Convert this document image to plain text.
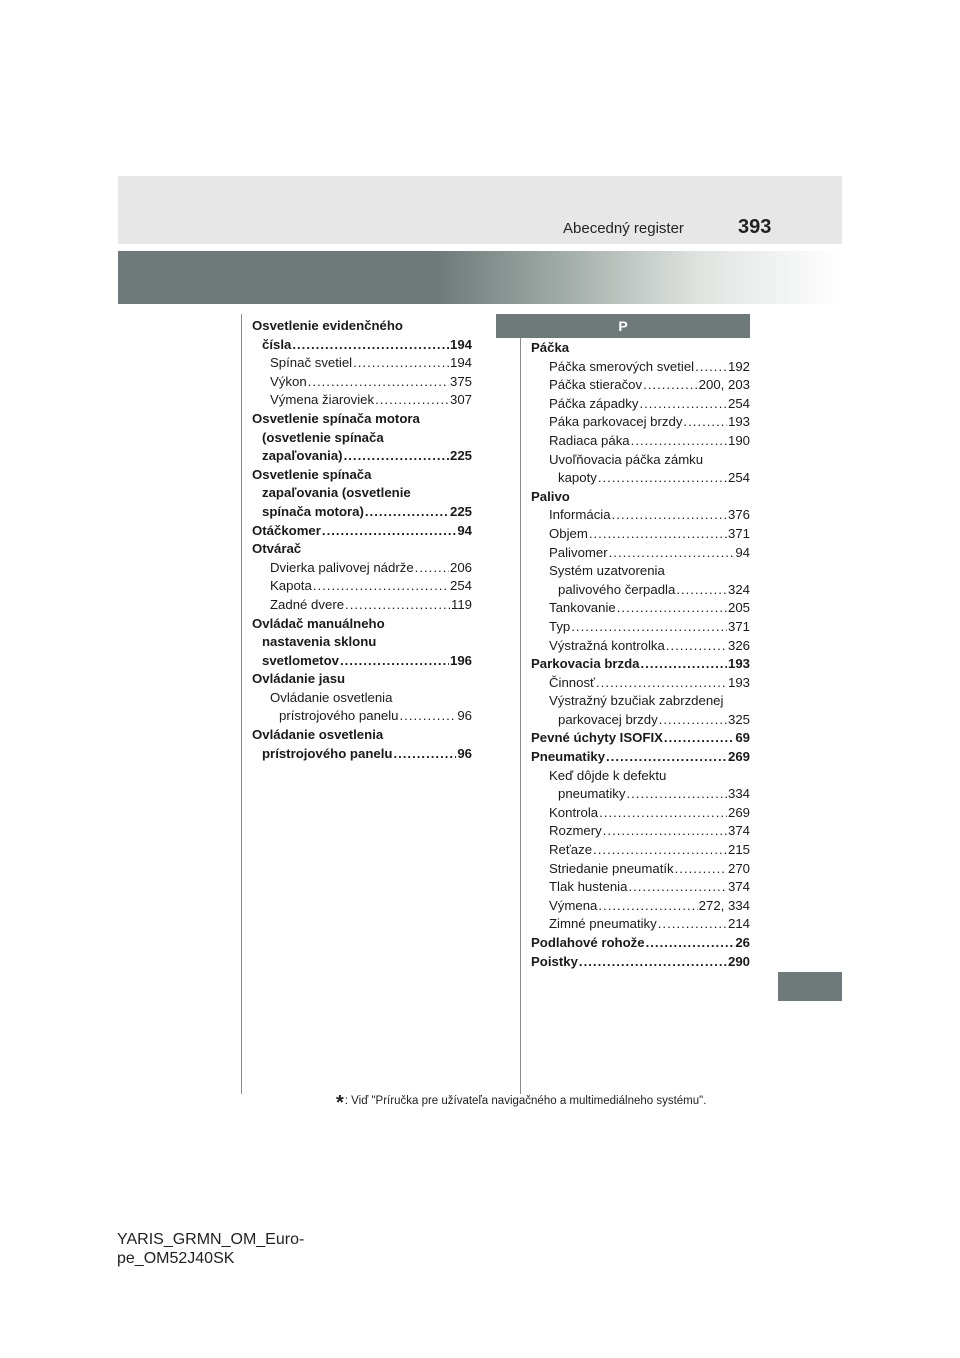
Abecedný register	393
Osvetlenie evidenčného
čísla .....	194
Spínač svetiel .....	194
Výkon .....	375
Výmena žiaroviek .....	307
Osvetlenie spínača motora
(osvetlenie spínača
zapaľovania) .....	225
Osvetlenie spínača
zapaľovania (osvetlenie
spínača motora) .....	225
Otáčkomer .....	94
Otvárač
Dvierka palivovej nádrže .....	206
Kapota .....	254
Zadné dvere .....	119
Ovládač manuálneho
nastavenia sklonu
svetlometov .....	196
Ovládanie jasu
Ovládanie osvetlenia
prístrojového panelu .....	96
Ovládanie osvetlenia
prístrojového panelu .....	96
P
Páčka
Páčka smerových svetiel .....	192
Páčka stieračov .....	200, 203
Páčka západky .....	254
Páka parkovacej brzdy .....	193
Radiaca páka .....	190
Uvoľňovacia páčka zámku
kapoty .....	254
Palivo
Informácia .....	376
Objem .....	371
Palivomer .....	94
Systém uzatvorenia
palivového čerpadla .....	324
Tankovanie .....	205
Typ .....	371
Výstražná kontrolka .....	326
Parkovacia brzda .....	193
Činnosť .....	193
Výstražný bzučiak zabrzdenej
parkovacej brzdy .....	325
Pevné úchyty ISOFIX .....	69
Pneumatiky .....	269
Keď dôjde k defektu
pneumatiky .....	334
Kontrola .....	269
Rozmery .....	374
Reťaze .....	215
Striedanie pneumatík .....	270
Tlak hustenia .....	374
Výmena .....	272, 334
Zimné pneumatiky .....	214
Podlahové rohože .....	26
Poistky .....	290
*: Viď "Príručka pre užívateľa navigačného a multimediálneho systému".
YARIS_GRMN_OM_Euro-
pe_OM52J40SK
